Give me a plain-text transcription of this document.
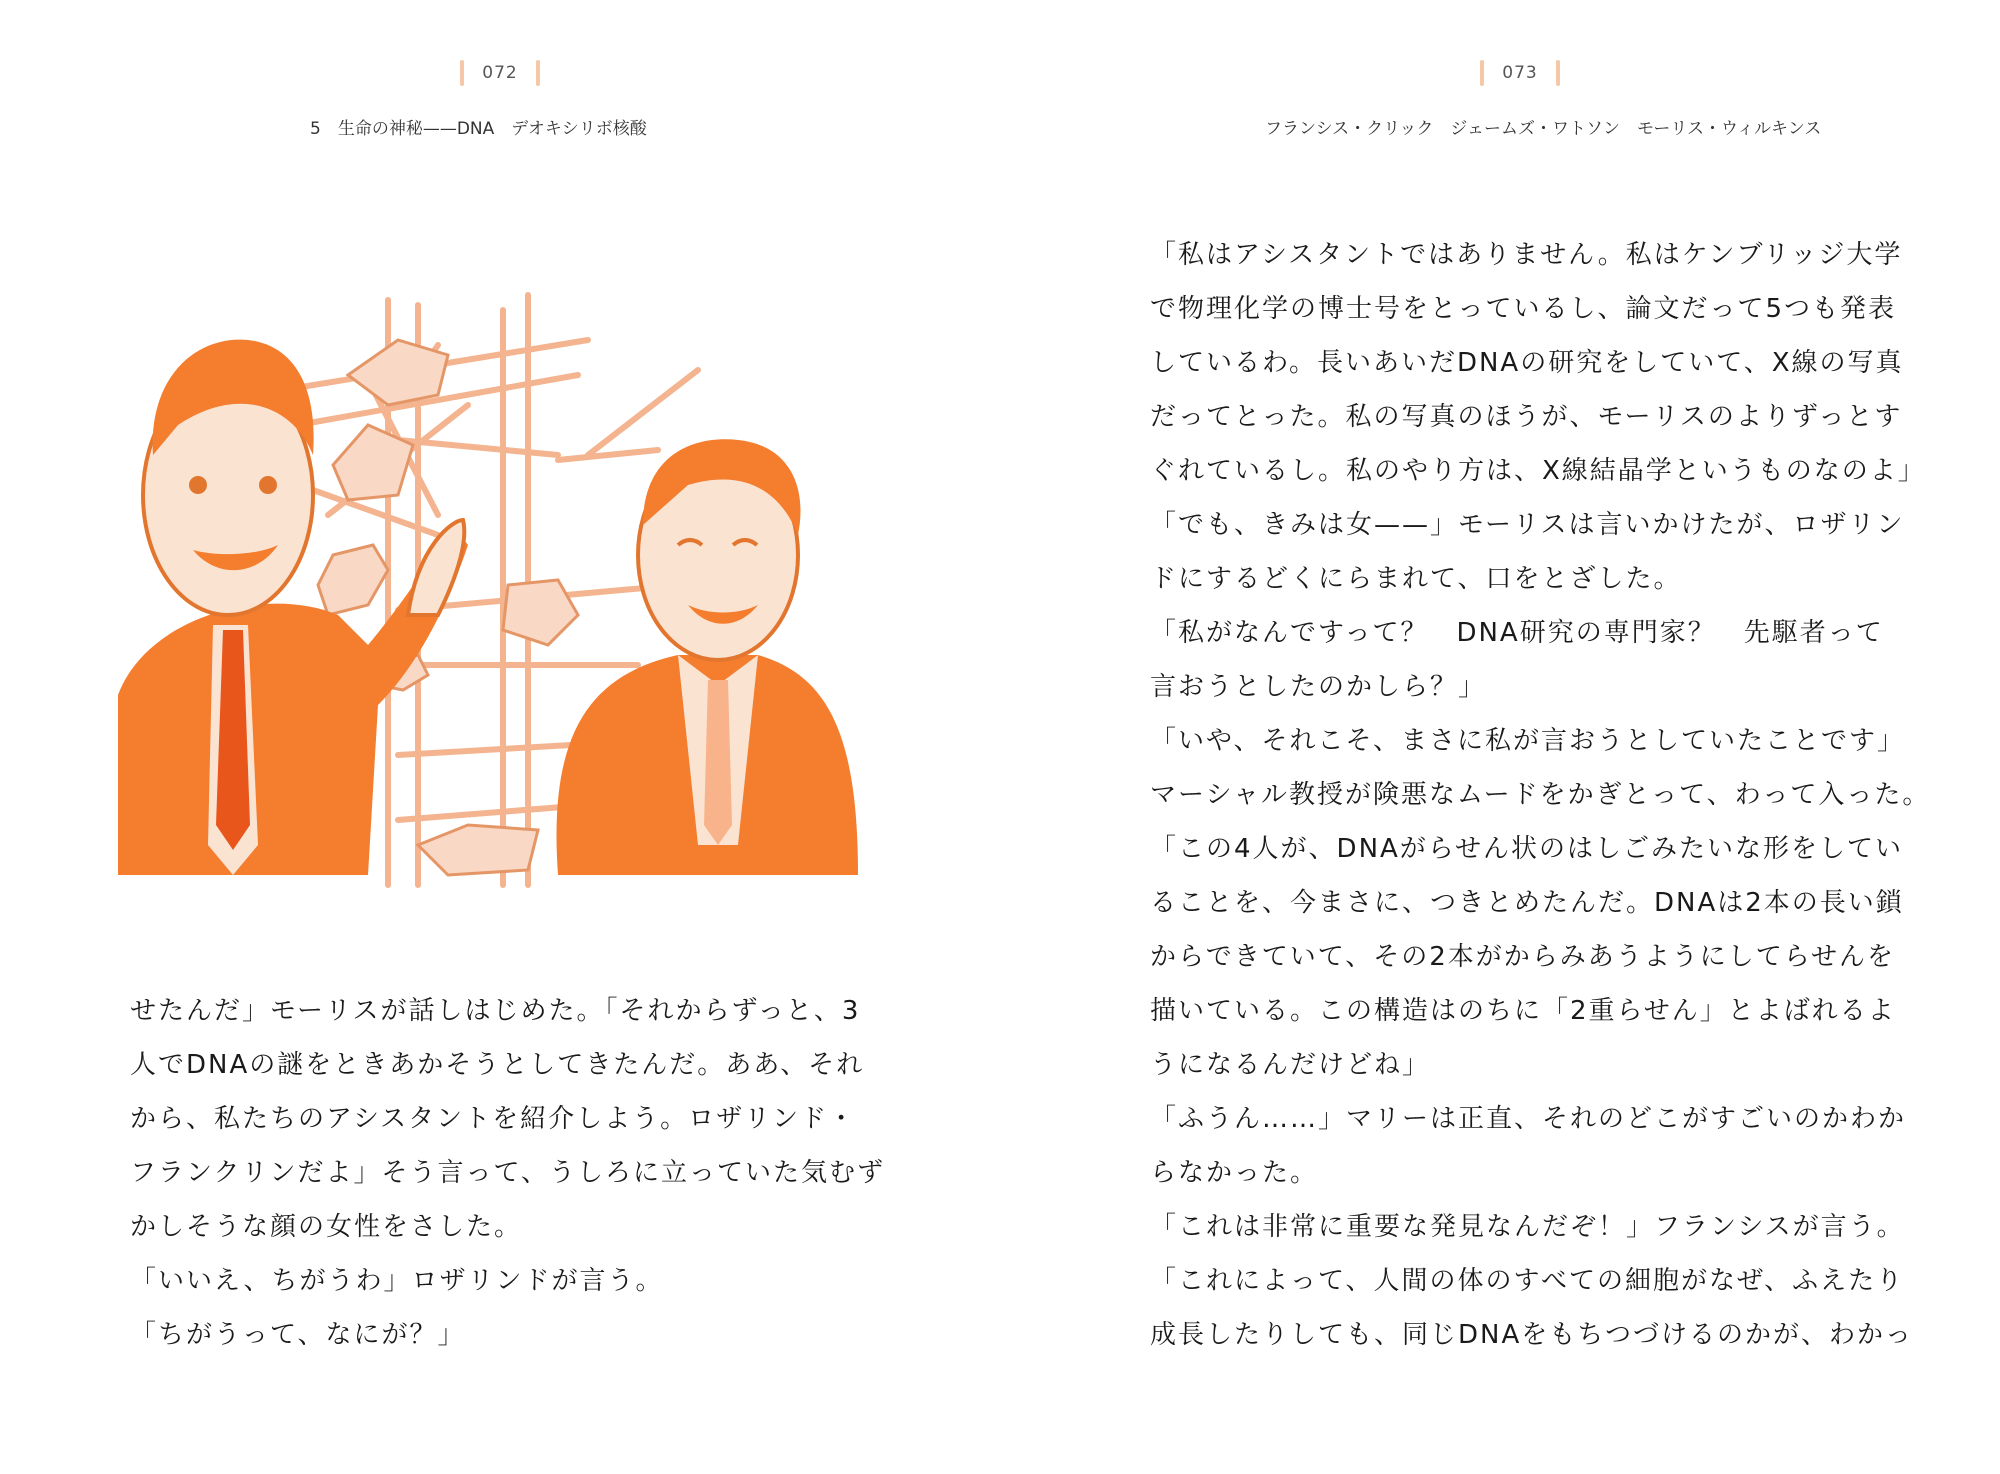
072
5　生命の神秘——DNA　デオキシリボ核酸
せたんだ」モーリスが話しはじめた。「それからずっと、3
人でDNAの謎をときあかそうとしてきたんだ。ああ、それ
から、私たちのアシスタントを紹介しよう。ロザリンド・
フランクリンだよ」そう言って、うしろに立っていた気むず
かしそうな顔の女性をさした。
「いいえ、ちがうわ」ロザリンドが言う。
「ちがうって、なにが？」
073
フランシス・クリック　ジェームズ・ワトソン　モーリス・ウィルキンス
「私はアシスタントではありません。私はケンブリッジ大学
で物理化学の博士号をとっているし、論文だって5つも発表
しているわ。長いあいだDNAの研究をしていて、X線の写真
だってとった。私の写真のほうが、モーリスのよりずっとす
ぐれているし。私のやり方は、X線結晶学というものなのよ」
「でも、きみは女——」モーリスは言いかけたが、ロザリン
ドにするどくにらまれて、口をとざした。
「私がなんですって？　DNA研究の専門家？　先駆者って
言おうとしたのかしら？」
「いや、それこそ、まさに私が言おうとしていたことです」
マーシャル教授が険悪なムードをかぎとって、わって入った。
「この4人が、DNAがらせん状のはしごみたいな形をしてい
ることを、今まさに、つきとめたんだ。DNAは2本の長い鎖
からできていて、その2本がからみあうようにしてらせんを
描いている。この構造はのちに「2重らせん」とよばれるよ
うになるんだけどね」
「ふうん……」マリーは正直、それのどこがすごいのかわか
らなかった。
「これは非常に重要な発見なんだぞ！」フランシスが言う。
「これによって、人間の体のすべての細胞がなぜ、ふえたり
成長したりしても、同じDNAをもちつづけるのかが、わかっ
